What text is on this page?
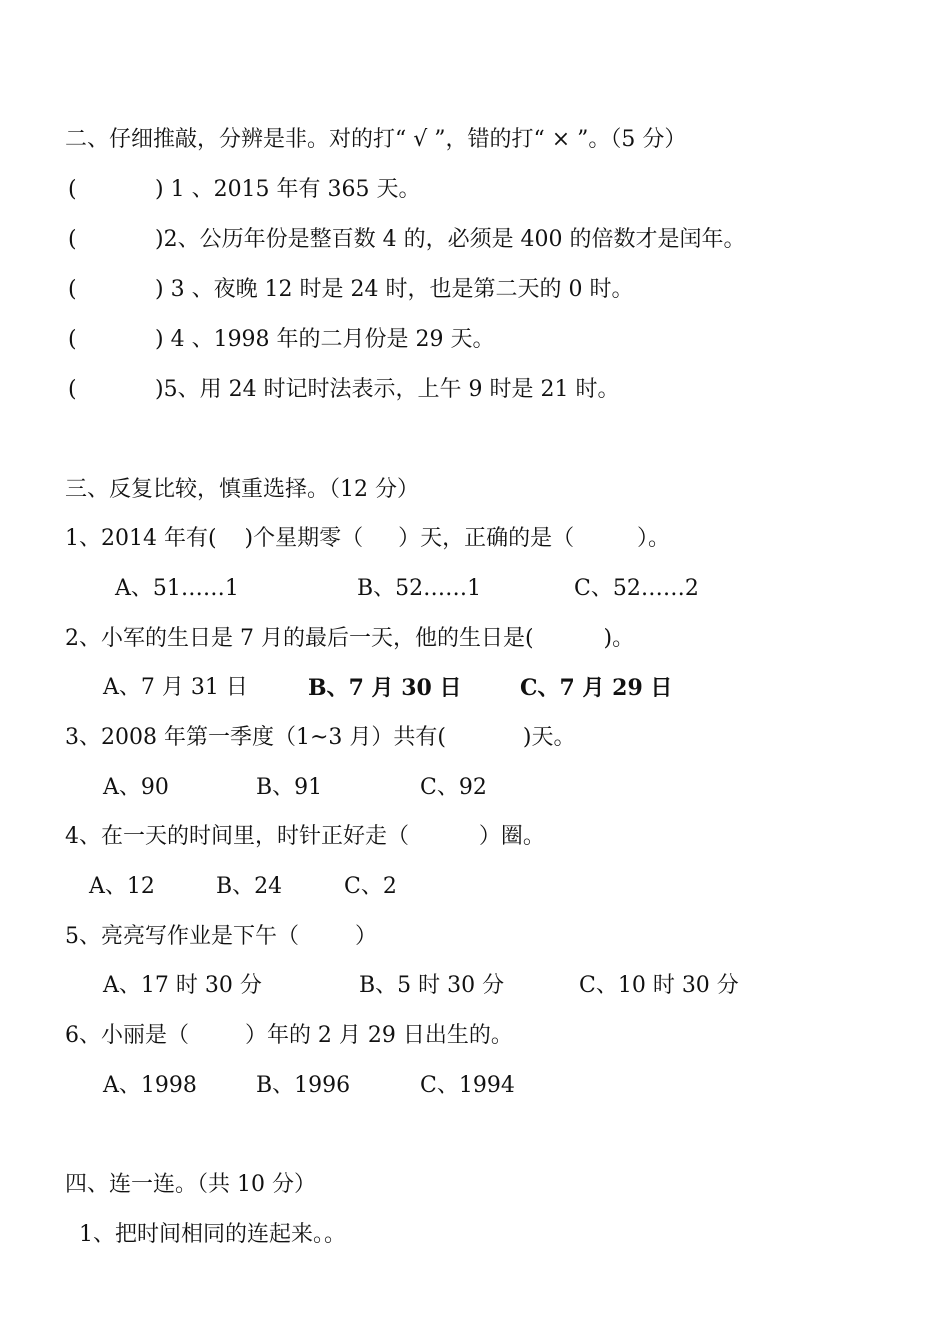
二、仔细推敲，分辨是非。对的打“ √ ”，错的打“ × ”。（5 分）
(	) 1 、2015 年有 365 天。
(	)2、公历年份是整百数 4 的，必须是 400 的倍数才是闰年。
(	) 3 、夜晚 12 时是 24 时，也是第二天的 0 时。
(	) 4 、1998 年的二月份是 29 天。
(	)5、用 24 时记时法表示，上午 9 时是 21 时。
三、反复比较，慎重选择。（12 分）
1、2014 年有(    )个星期零（     ）天，正确的是（         ）。
A、51……1	B、52……1	C、52……2
2、小军的生日是 7 月的最后一天，他的生日是(          )。
A、7 月 31 日	B、7 月 30 日	C、7 月 29 日
3、2008 年第一季度（1~3 月）共有(           )天。
A、90	B、91	C、92
4、在一天的时间里，时针正好走（          ）圈。
A、12	B、24	C、2
5、亮亮写作业是下午（        ）
A、17 时 30 分	B、5 时 30 分	C、10 时 30 分
6、小丽是（        ）年的 2 月 29 日出生的。
A、1998	B、1996	C、1994
四、连一连。（共 10 分）
1、把时间相同的连起来。。
